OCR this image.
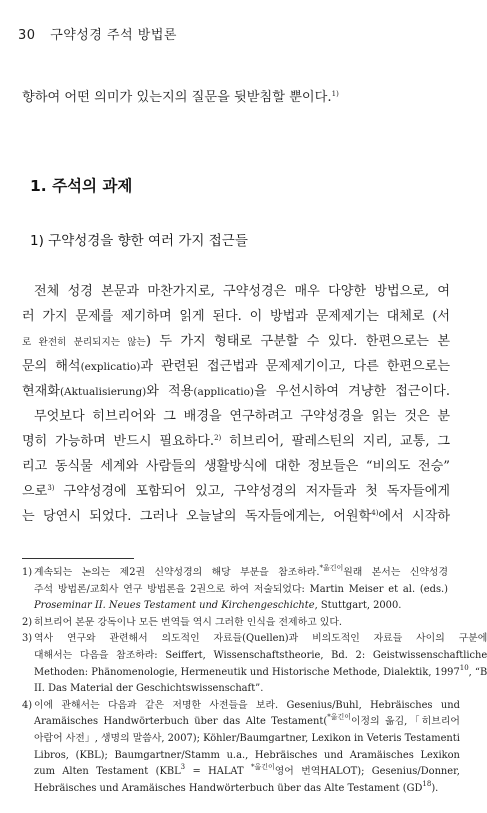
30 구약성경 주석 방법론
향하여 어떤 의미가 있는지의 질문을 뒷받침할 뿐이다.$^{1)}$
1. 주석의 과제
1) 구약성경을 향한 여러 가지 접근들
전체 성경 본문과 마찬가지로, 구약성경은 매우 다양한 방법으로, 여
러 가지 문제를 제기하며 읽게 된다. 이 방법과 문제제기는 대체로 (서
로 완전히 분리되지는 않는) 두 가지 형태로 구분할 수 있다. 한편으로는 본
문의 해석(explicatio)과 관련된 접근법과 문제제기이고, 다른 한편으로는
현재화(Aktualisierung)와 적용(applicatio)을 우선시하여 겨냥한 접근이다.
무엇보다 히브리어와 그 배경을 연구하려고 구약성경을 읽는 것은 분
명히 가능하며 반드시 필요하다.$^{2)}$ 히브리어, 팔레스틴의 지리, 교통, 그
리고 동식물 세계와 사람들의 생활방식에 대한 정보들은 “비의도 전승”
으로$^{3)}$ 구약성경에 포함되어 있고, 구약성경의 저자들과 첫 독자들에게
는 당연시 되었다. 그러나 오늘날의 독자들에게는, 어원학$^{4)}$에서 시작하
1) 계속되는 논의는 제2권 신약성경의 해당 부분을 참조하라.$^{*옮긴이}$원래 본서는 신약성경
주석 방법론/교회사 연구 방법론을 2권으로 하여 저술되었다: Martin Meiser et al. (eds.)
Proseminar II. Neues Testament und Kirchengeschichte, Stuttgart, 2000.
2) 히브리어 본문 강독이나 모든 번역들 역시 그러한 인식을 전제하고 있다.
3) 역사 연구와 관련해서 의도적인 자료들(Quellen)과 비의도적인 자료들 사이의 구분에
대해서는 다음을 참조하라: Seiffert, Wissenschaftstheorie, Bd. 2: Geistwissenschaftliche
Methoden: Phänomenologie, Hermeneutik und Historische Methode, Dialektik, 1997$^{10}$, “B
II. Das Material der Geschichtswissenschaft”.
4) 이에 관해서는 다음과 같은 저명한 사전들을 보라. Gesenius/Buhl, Hebräisches und
Aramäisches Handwörterbuch über das Alte Testament($^{*옮긴이}$이정의 옮김,「히브리어
아람어 사전」, 생명의 말씀사, 2007); Köhler/Baumgartner, Lexikon in Veteris Testamenti
Libros, (KBL); Baumgartner/Stamm u.a., Hebräisches und Aramäisches Lexikon
zum Alten Testament ($KBL^3$ = HALAT $^{*옮긴이}$영어 번역HALOT); Gesenius/Donner,
Hebräisches und Aramäisches Handwörterbuch über das Alte Testament (GD$^{18}$).
